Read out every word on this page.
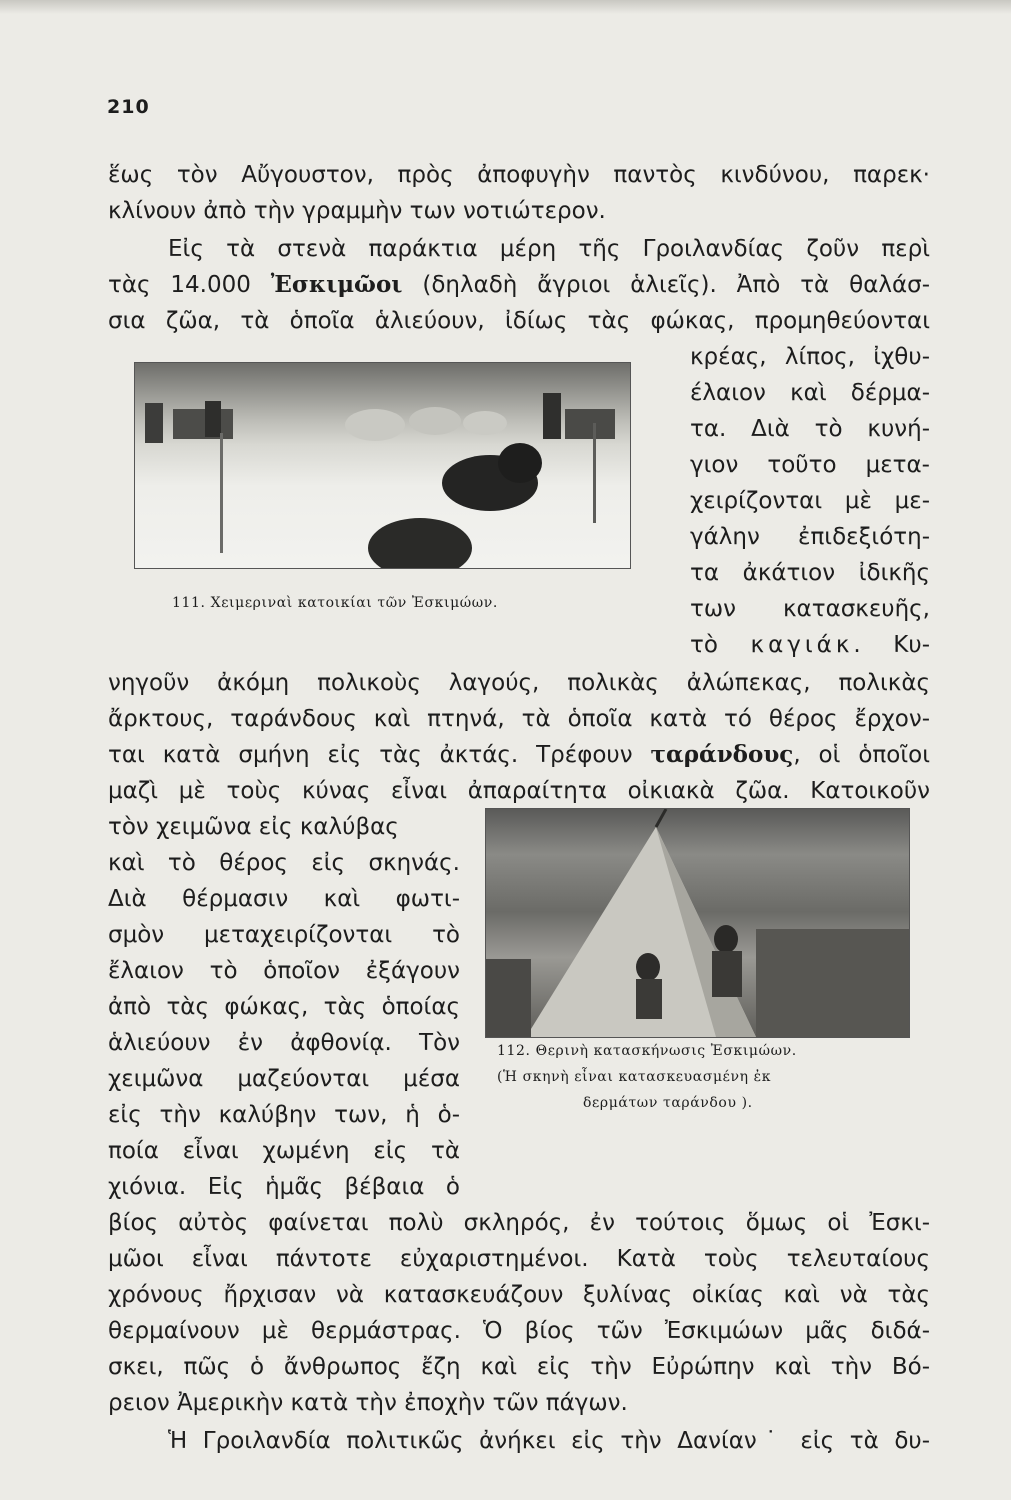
210
ἕως τὸν Αὔγουστον, πρὸς ἀποφυγὴν παντὸς κινδύνου, παρεκ·
κλίνουν ἀπὸ τὴν γραμμὴν των νοτιώτερον.
Εἰς τὰ στενὰ παράκτια μέρη τῆς Γροιλανδίας ζοῦν περὶ
τὰς 14.000 Ἐσκιμῶοι (δηλαδὴ ἄγριοι ἁλιεῖς). Ἀπὸ τὰ θαλάσ-
σια ζῶα, τὰ ὁποῖα ἁλιεύουν, ἰδίως τὰς φώκας, προμηθεύονται
111. Χειμεριναὶ κατοικίαι τῶν Ἐσκιμώων.
κρέας, λίπος, ἰχθυ-
έλαιον καὶ δέρμα-
τα. Διὰ τὸ κυνή-
γιον τοῦτο μετα-
χειρίζονται μὲ με-
γάλην ἐπιδεξιότη-
τα ἀκάτιον ἰδικῆς
των κατασκευῆς,
τὸ καγιάκ. Κυ-
νηγοῦν ἀκόμη πολικοὺς λαγούς, πολικὰς ἀλώπεκας, πολικὰς
ἄρκτους, ταράνδους καὶ πτηνά, τὰ ὁποῖα κατὰ τό θέρος ἔρχον-
ται κατὰ σμήνη εἰς τὰς ἀκτάς. Τρέφουν ταράνδους, οἱ ὁποῖοι
μαζὶ μὲ τοὺς κύνας εἶναι ἀπαραίτητα οἰκιακὰ ζῶα. Κατοικοῦν
τὸν χειμῶνα εἰς καλύβας
καὶ τὸ θέρος εἰς σκηνάς.
Διὰ θέρμασιν καὶ φωτι-
σμὸν μεταχειρίζονται τὸ
ἔλαιον τὸ ὁποῖον ἐξάγουν
ἀπὸ τὰς φώκας, τὰς ὁποίας
ἁλιεύουν ἐν ἀφθονίᾳ. Τὸν
χειμῶνα μαζεύονται μέσα
εἰς τὴν καλύβην των, ἡ ὁ-
ποία εἶναι χωμένη εἰς τὰ
χιόνια. Εἰς ἡμᾶς βέβαια ὁ
112. Θερινὴ κατασκήνωσις Ἐσκιμώων.
(Ἡ σκηνὴ εἶναι κατασκευασμένη ἐκ
δερμάτων ταράνδου ).
βίος αὐτὸς φαίνεται πολὺ σκληρός, ἐν τούτοις ὅμως οἱ Ἐσκι-
μῶοι εἶναι πάντοτε εὐχαριστημένοι. Κατὰ τοὺς τελευταίους
χρόνους ἤρχισαν νὰ κατασκευάζουν ξυλίνας οἰκίας καὶ νὰ τὰς
θερμαίνουν μὲ θερμάστρας. Ὁ βίος τῶν Ἐσκιμώων μᾶς διδά-
σκει, πῶς ὁ ἄνθρωπος ἔζη καὶ εἰς τὴν Εὐρώπην καὶ τὴν Βό-
ρειον Ἀμερικὴν κατὰ τὴν ἐποχὴν τῶν πάγων.
Ἡ Γροιλανδία πολιτικῶς ἀνήκει εἰς τὴν Δανίαν˙ εἰς τὰ δυ-
